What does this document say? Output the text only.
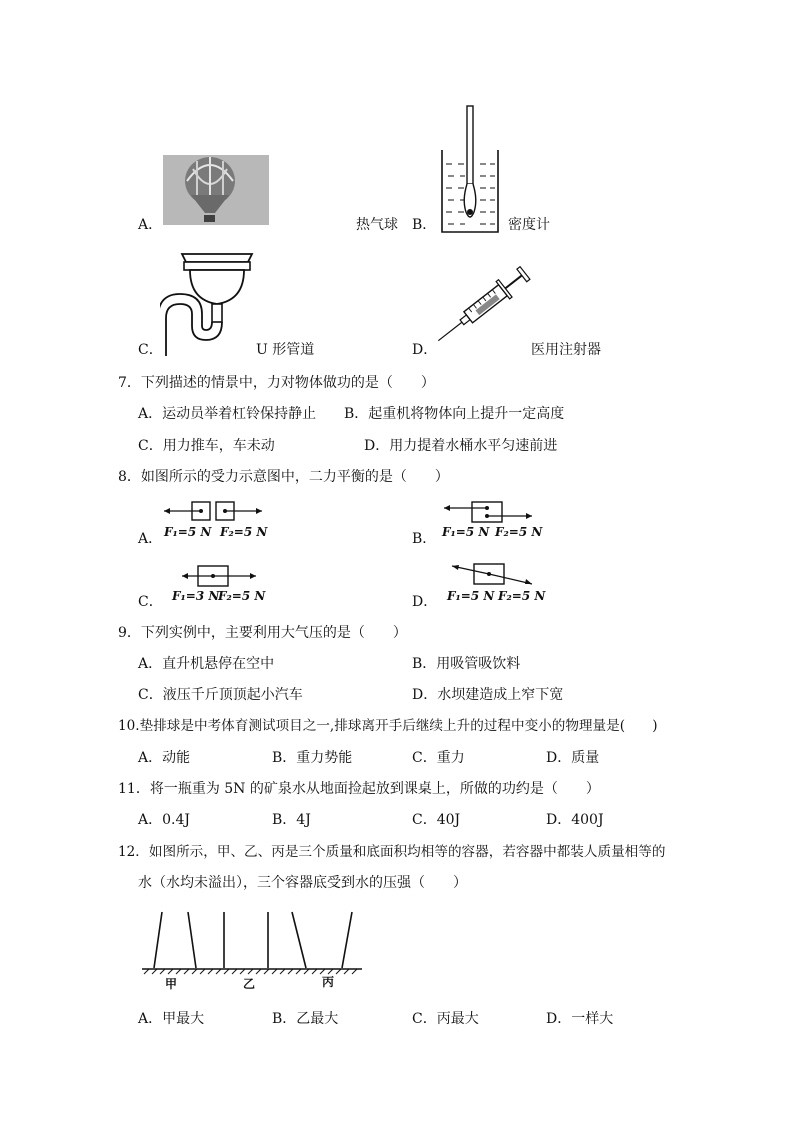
A．	热气球 B．	密度计
C．	U 形管道	D．	医用注射器
7．下列描述的情景中，力对物体做功的是（　　）
A．运动员举着杠铃保持静止 B．起重机将物体向上提升一定高度
C．用力推车，车未动	D．用力提着水桶水平匀速前进
8．如图所示的受力示意图中，二力平衡的是（　　）
A． F₁=5 N F₂=5 N	B． F₁=5 N F₂=5 N
C． F₁=3 N
F₂=5 N	D． F₁=5 N F₂=5 N
9．下列实例中，主要利用大气压的是（　　）
A．直升机悬停在空中	B．用吸管吸饮料
C．液压千斤顶顶起小汽车	D．水坝建造成上窄下宽
10.垫排球是中考体育测试项目之一,排球离开手后继续上升的过程中变小的物理量是(　　)
A．动能	B．重力势能	C．重力	D．质量
11．将一瓶重为 5N 的矿泉水从地面捡起放到课桌上，所做的功约是（　　）
A．0.4J	B．4J	C．40J	D．400J
12．如图所示，甲、乙、丙是三个质量和底面积均相等的容器，若容器中都装人质量相等的
水（水均未溢出），三个容器底受到水的压强（　　）
甲	乙	丙
A．甲最大	B．乙最大	C．丙最大	D．一样大
